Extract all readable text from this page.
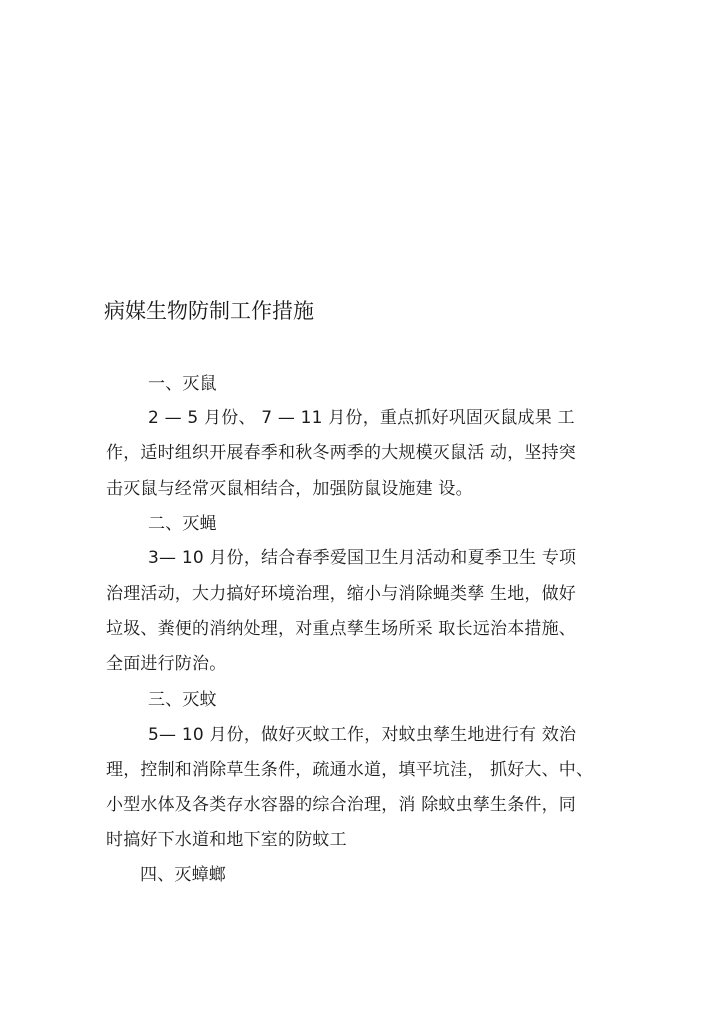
病媒生物防制工作措施
一、灭鼠
2 — 5 月份、 7 — 11 月份，重点抓好巩固灭鼠成果 工
作，适时组织开展春季和秋冬两季的大规模灭鼠活 动，坚持突
击灭鼠与经常灭鼠相结合，加强防鼠设施建 设。
二、灭蝇
3— 10 月份，结合春季爱国卫生月活动和夏季卫生 专项
治理活动，大力搞好环境治理，缩小与消除蝇类孳 生地，做好
垃圾、粪便的消纳处理，对重点孳生场所采 取长远治本措施、
全面进行防治。
三、灭蚊
5— 10 月份，做好灭蚊工作，对蚊虫孳生地进行有 效治
理，控制和消除草生条件，疏通水道，填平坑洼， 抓好大、中、
小型水体及各类存水容器的综合治理，消 除蚊虫孳生条件，同
时搞好下水道和地下室的防蚊工
四、灭蟑螂
